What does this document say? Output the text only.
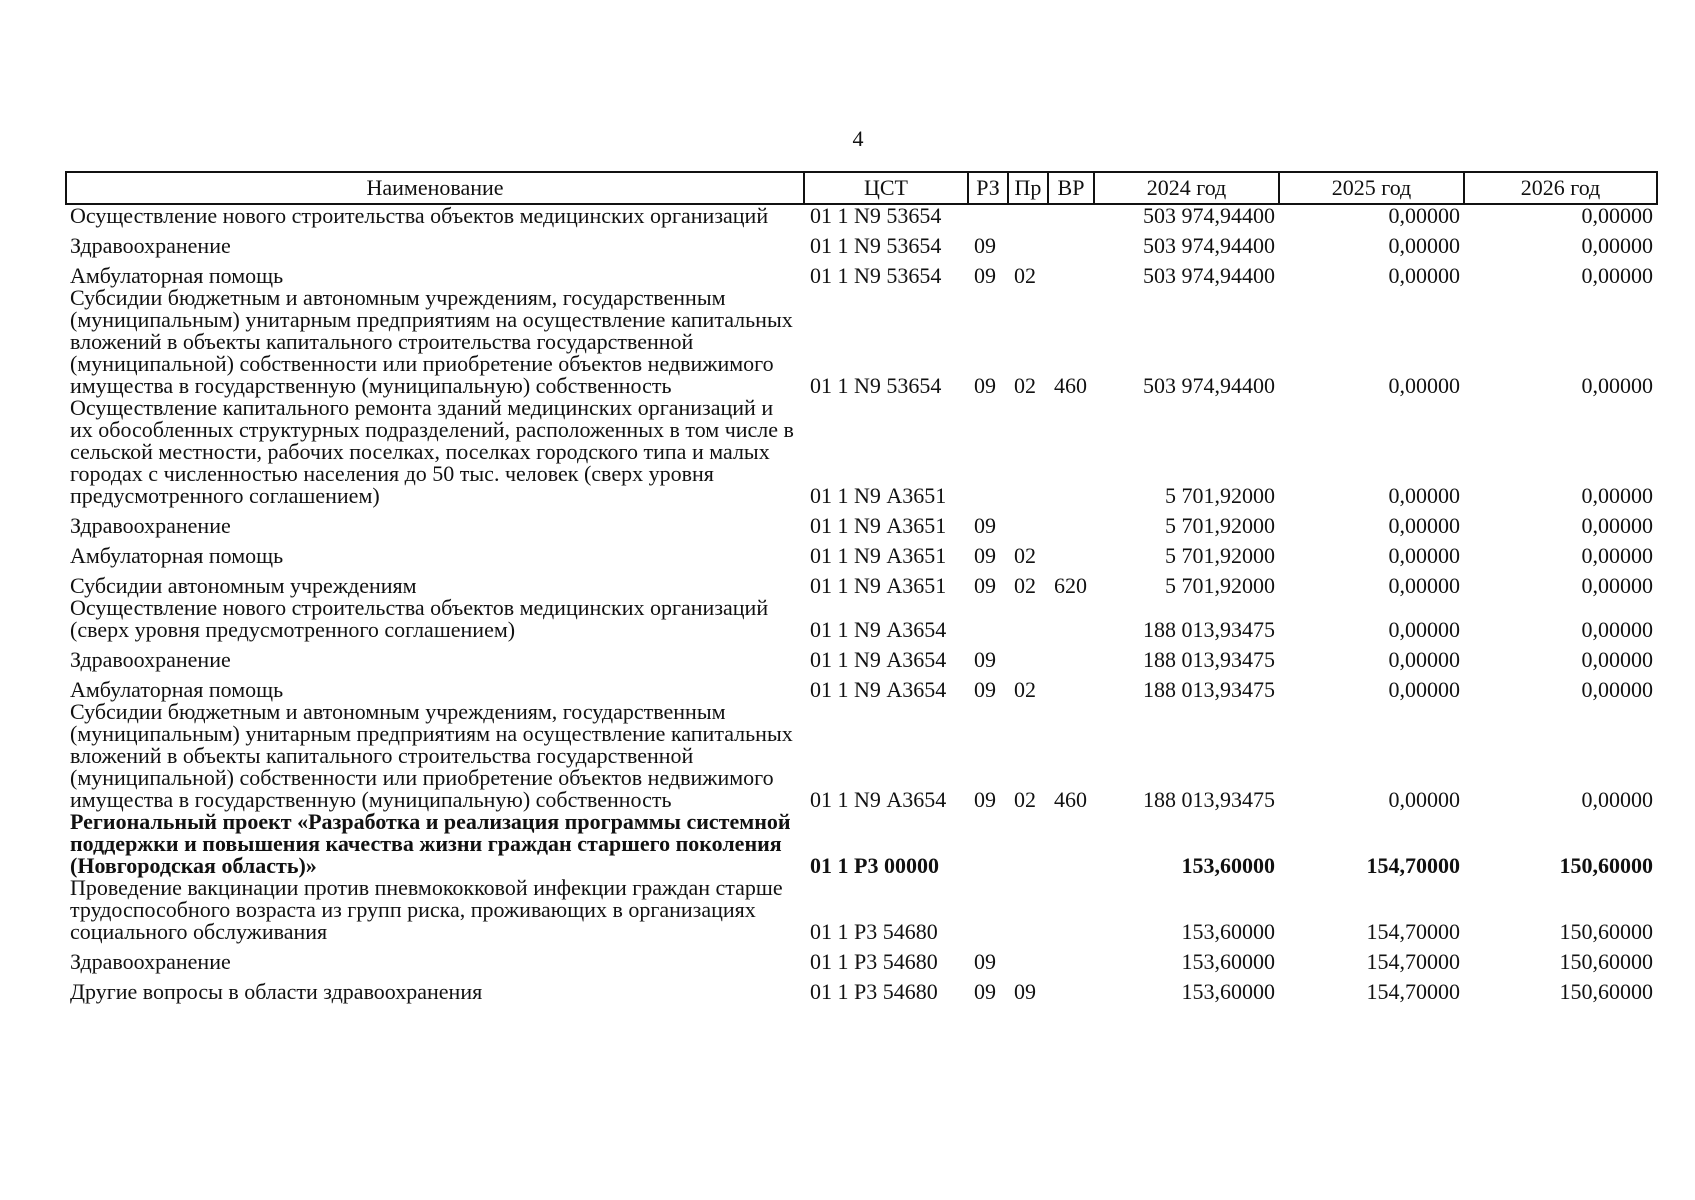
4
Наименование	ЦСТ	РЗ	Пр	ВР	2024 год	2025 год	2026 год
Осуществление нового строительства объектов медицинских организаций	01 1 N9 53654				503 974,94400	0,00000	0,00000
Здравоохранение	01 1 N9 53654	09			503 974,94400	0,00000	0,00000
Амбулаторная помощь	01 1 N9 53654	09	02		503 974,94400	0,00000	0,00000
Субсидии бюджетным и автономным учреждениям, государственным (муниципальным) унитарным предприятиям на осуществление капитальных вложений в объекты капитального строительства государственной (муниципальной) собственности или приобретение объектов недвижимого имущества в государственную (муниципальную) собственность	01 1 N9 53654	09	02	460	503 974,94400	0,00000	0,00000
Осуществление капитального ремонта зданий медицинских организаций и их обособленных структурных подразделений, расположенных в том числе в сельской местности, рабочих поселках, поселках городского типа и малых городах с численностью населения до 50 тыс. человек (сверх уровня предусмотренного соглашением)	01 1 N9 А3651				5 701,92000	0,00000	0,00000
Здравоохранение	01 1 N9 А3651	09			5 701,92000	0,00000	0,00000
Амбулаторная помощь	01 1 N9 А3651	09	02		5 701,92000	0,00000	0,00000
Субсидии автономным учреждениям	01 1 N9 А3651	09	02	620	5 701,92000	0,00000	0,00000
Осуществление нового строительства объектов медицинских организаций (сверх уровня предусмотренного соглашением)	01 1 N9 А3654				188 013,93475	0,00000	0,00000
Здравоохранение	01 1 N9 А3654	09			188 013,93475	0,00000	0,00000
Амбулаторная помощь	01 1 N9 А3654	09	02		188 013,93475	0,00000	0,00000
Субсидии бюджетным и автономным учреждениям, государственным (муниципальным) унитарным предприятиям на осуществление капитальных вложений в объекты капитального строительства государственной (муниципальной) собственности или приобретение объектов недвижимого имущества в государственную (муниципальную) собственность	01 1 N9 А3654	09	02	460	188 013,93475	0,00000	0,00000
Региональный проект «Разработка и реализация программы системной поддержки и повышения качества жизни граждан старшего поколения (Новгородская область)»	01 1 P3 00000				153,60000	154,70000	150,60000
Проведение вакцинации против пневмококковой инфекции граждан старше трудоспособного возраста из групп риска, проживающих в организациях социального обслуживания	01 1 P3 54680				153,60000	154,70000	150,60000
Здравоохранение	01 1 P3 54680	09			153,60000	154,70000	150,60000
Другие вопросы в области здравоохранения	01 1 P3 54680	09	09		153,60000	154,70000	150,60000
